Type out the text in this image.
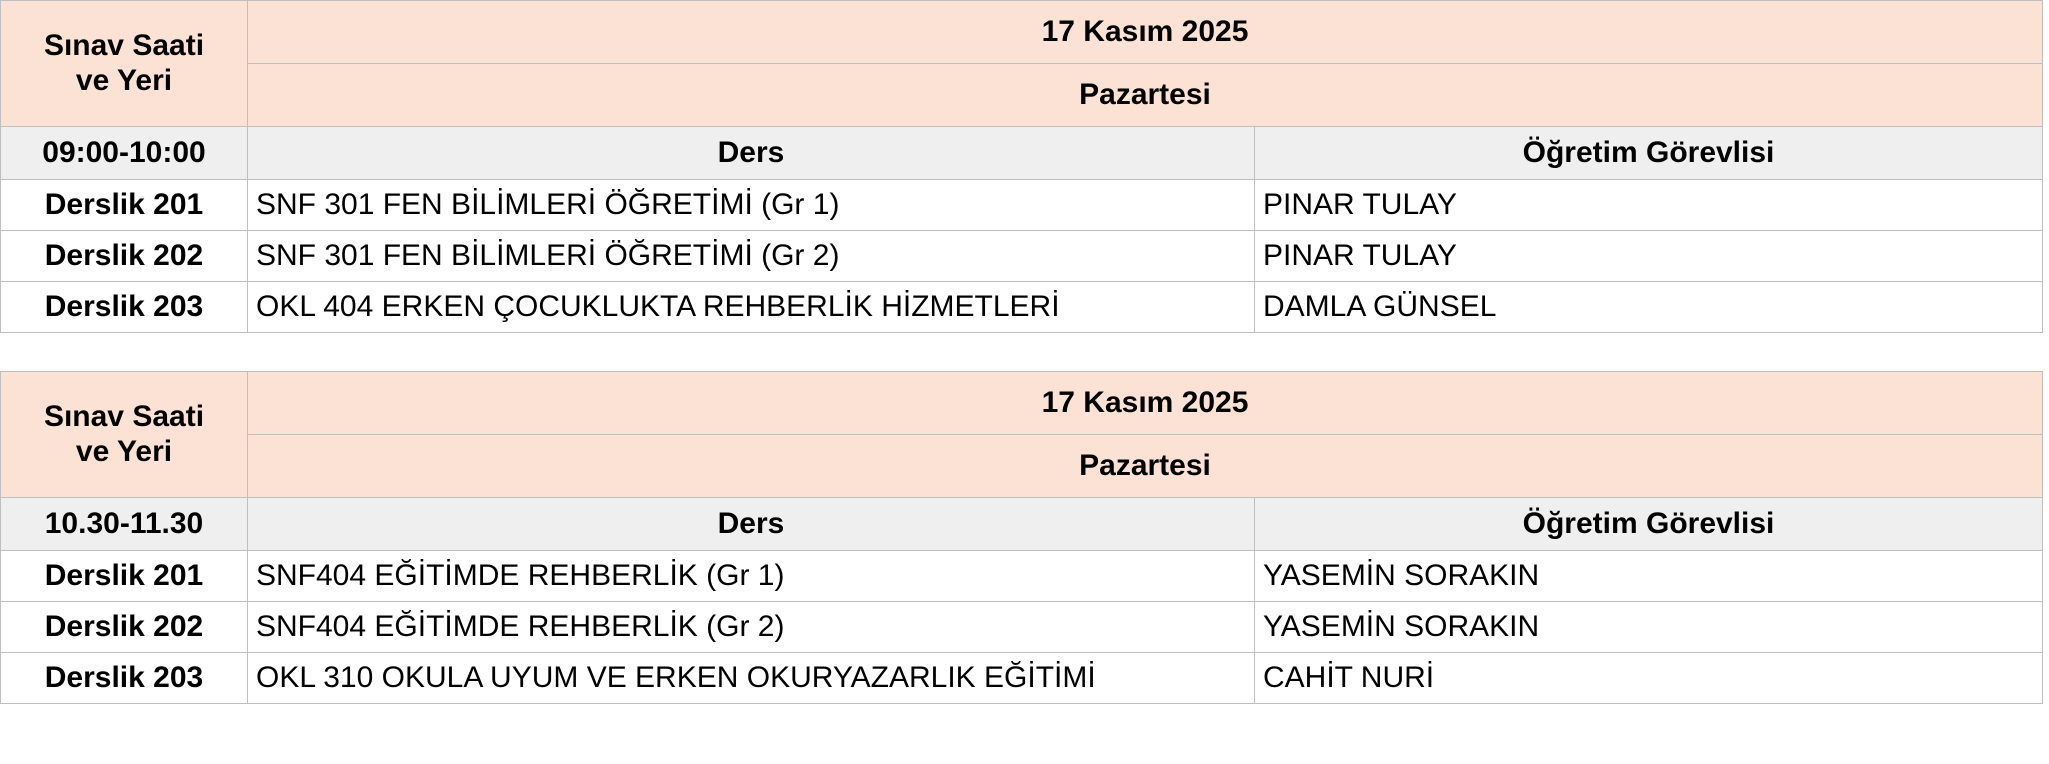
Sınav Saati
ve Yeri	17 Kasım 2025	
	Pazartesi	
09:00-10:00	Ders	Öğretim Görevlisi
Derslik 201	SNF 301 FEN BİLİMLERİ ÖĞRETİMİ (Gr 1)	PINAR TULAY
Derslik 202	SNF 301 FEN BİLİMLERİ ÖĞRETİMİ (Gr 2)	PINAR TULAY
Derslik 203	OKL 404 ERKEN ÇOCUKLUKTA REHBERLİK HİZMETLERİ	DAMLA GÜNSEL
Sınav Saati
ve Yeri	17 Kasım 2025	
	Pazartesi	
10.30-11.30	Ders	Öğretim Görevlisi
Derslik 201	SNF404 EĞİTİMDE REHBERLİK (Gr 1)	YASEMİN SORAKIN
Derslik 202	SNF404 EĞİTİMDE REHBERLİK (Gr 2)	YASEMİN SORAKIN
Derslik 203	OKL 310 OKULA UYUM VE ERKEN OKURYAZARLIK EĞİTİMİ	CAHİT NURİ
